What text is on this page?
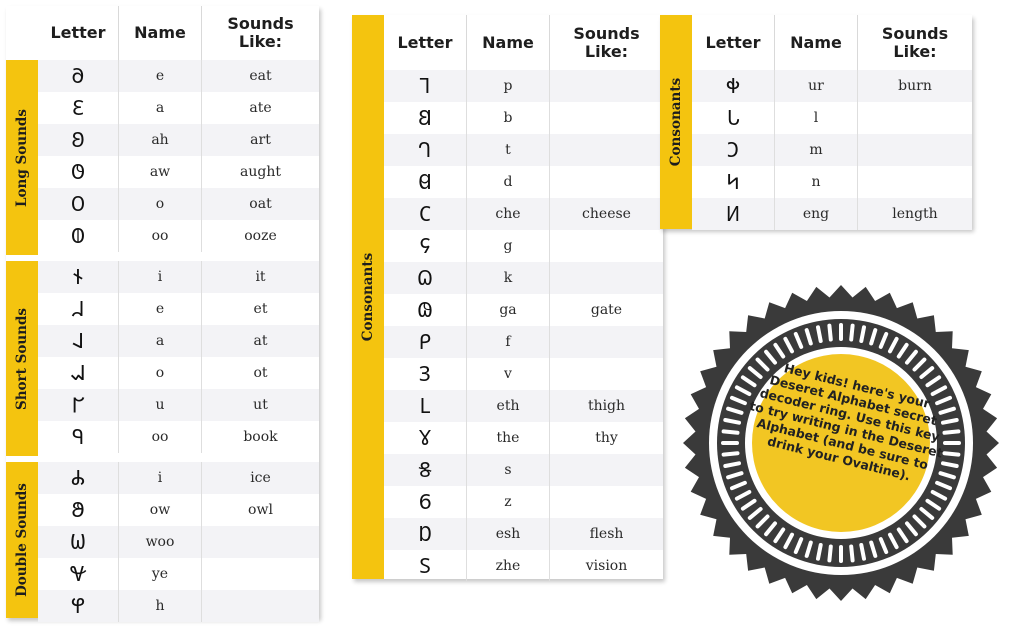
Letter	Name	Sounds
Like:
Long Sounds
𐐀	e	eat
𐐁	a	ate
𐐂	ah	art
𐐃	aw	aught
𐐄	o	oat
𐐅	oo	ooze
Short Sounds
𐐆	i	it
𐐇	e	et
𐐈	a	at
𐐉	o	ot
𐐊	u	ut
𐐋	oo	book
Double Sounds
𐐌	i	ice
𐐍	ow	owl
𐐎	woo
𐐏	ye
𐐐	h
Letter	Name	Sounds
Like:
Consonants
𐐑	p
𐐒	b
𐐓	t
𐐔	d
𐐕	che	cheese
𐐖	g
𐐗	k
𐐘	ga	gate
𐐙	f
𐐚	v
𐐛	eth	thigh
𐐜	the	thy
𐐝	s
𐐞	z
𐐟	esh	flesh
𐐠	zhe	vision
Letter	Name	Sounds
Like:
Consonants	𐐡	ur	burn
𐐢	l
𐐣	m
𐐤	n
𐐥	eng	length
Hey kids! here's your Deseret Alphabet secret decoder ring. Use this key to try writing in the Deseret Alphabet (and be sure to drink your Ovaltine).
